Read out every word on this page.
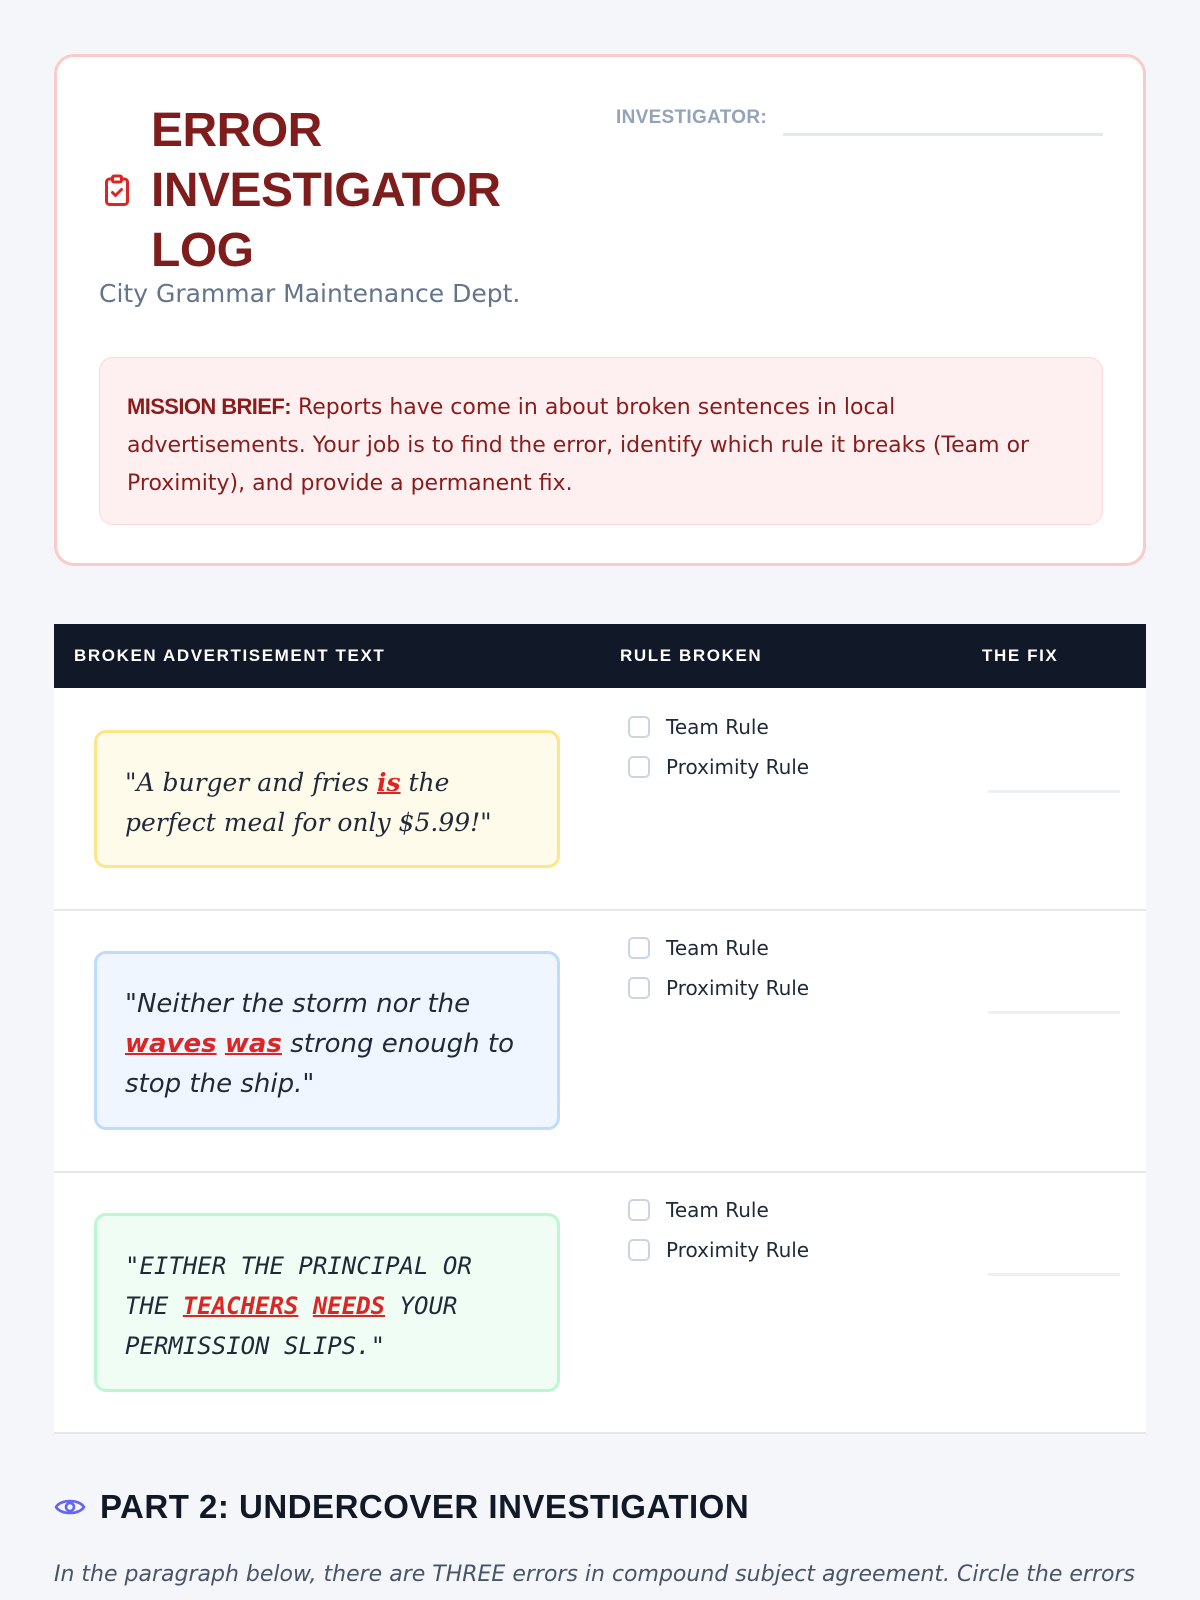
ERROR INVESTIGATOR LOG
City Grammar Maintenance Dept.
INVESTIGATOR:
MISSION BRIEF: Reports have come in about broken sentences in local advertisements. Your job is to find the error, identify which rule it breaks (Team or Proximity), and provide a permanent fix.
BROKEN ADVERTISEMENT TEXT	RULE BROKEN	THE FIX
"A burger and fries is the perfect meal for only $5.99!"
Team Rule
Proximity Rule
"Neither the storm nor the waves was strong enough to stop the ship."
Team Rule
Proximity Rule
"EITHER THE PRINCIPAL OR THE TEACHERS NEEDS YOUR PERMISSION SLIPS."
Team Rule
Proximity Rule
PART 2: UNDERCOVER INVESTIGATION
In the paragraph below, there are THREE errors in compound subject agreement. Circle the errors
